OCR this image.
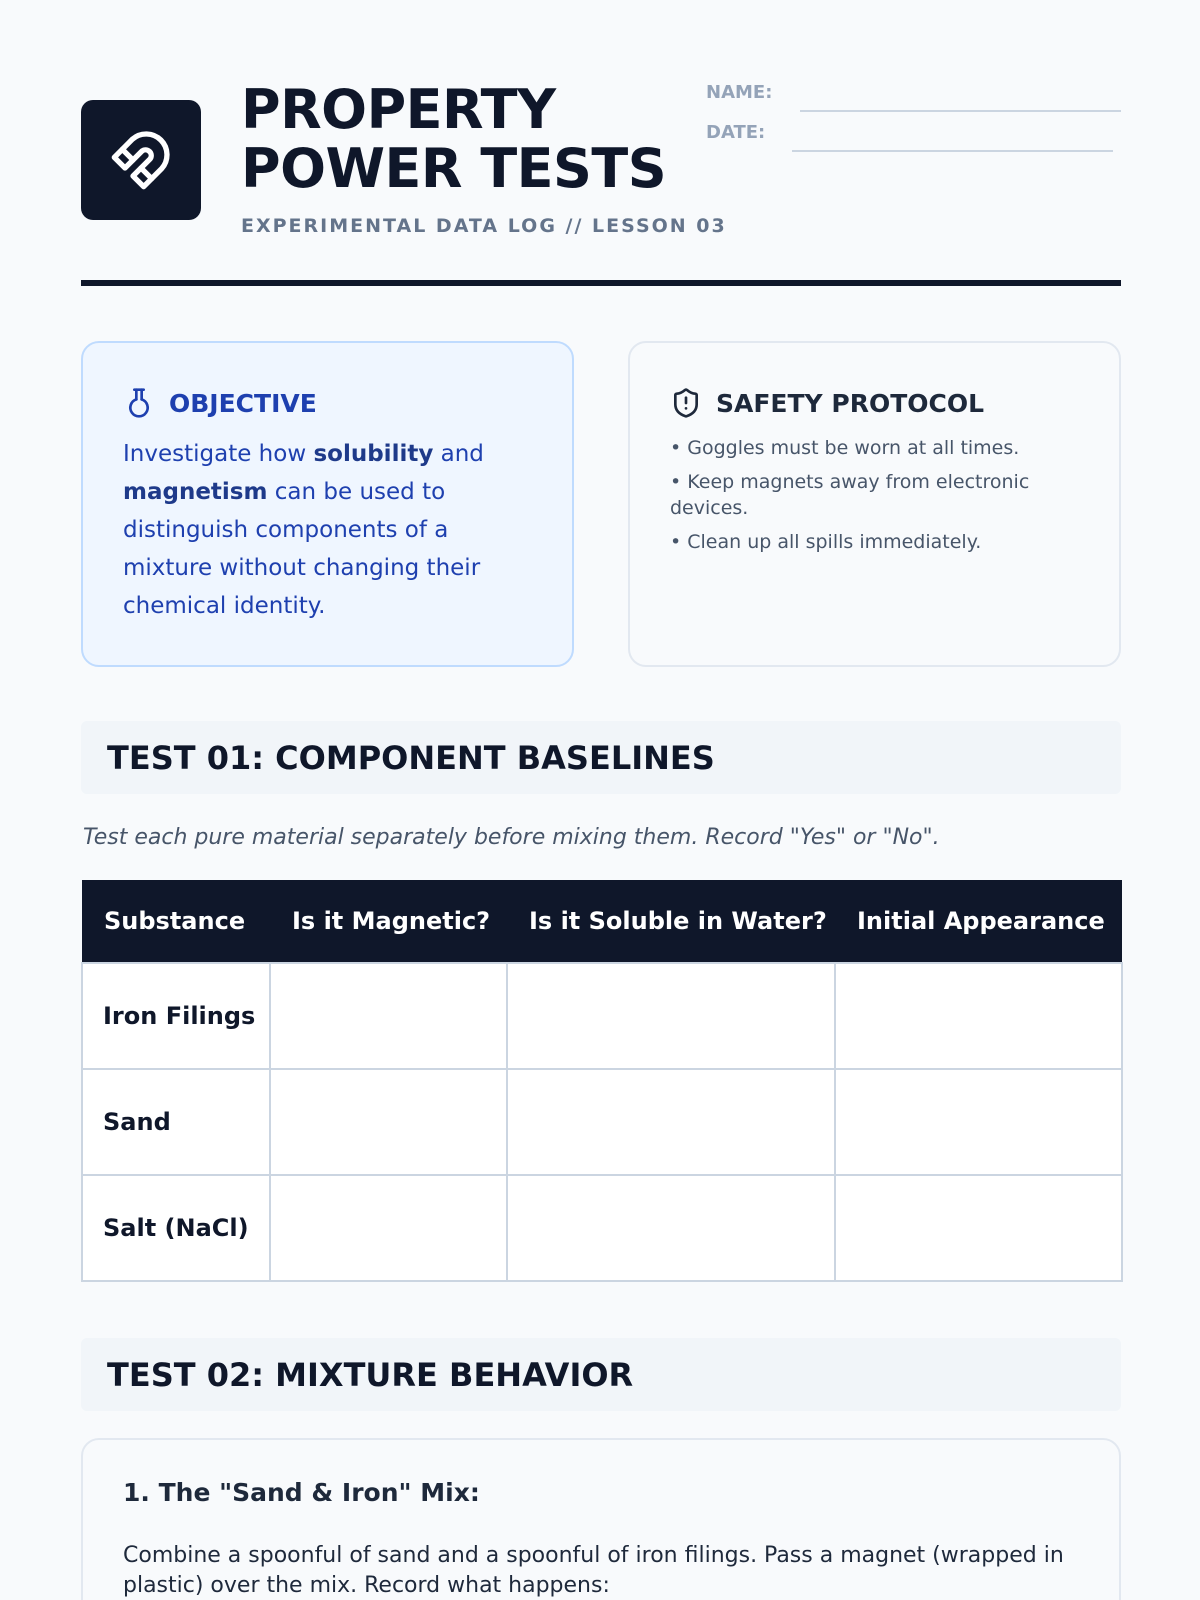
PROPERTY
POWER TESTS
EXPERIMENTAL DATA LOG // LESSON 03
NAME:
DATE:
OBJECTIVE

Investigate how solubility and magnetism can be used to distinguish components of a mixture without changing their chemical identity.

SAFETY PROTOCOL
• Goggles must be worn at all times.
• Keep magnets away from electronic devices.
• Clean up all spills immediately.
TEST 01: COMPONENT BASELINES
Test each pure material separately before mixing them. Record "Yes" or "No".
Substance	Is it Magnetic?	Is it Soluble in Water?	Initial Appearance
Iron Filings			
Sand			
Salt (NaCl)			
TEST 02: MIXTURE BEHAVIOR
1. The "Sand & Iron" Mix:

Combine a spoonful of sand and a spoonful of iron filings. Pass a magnet (wrapped in plastic) over the mix. Record what happens:
